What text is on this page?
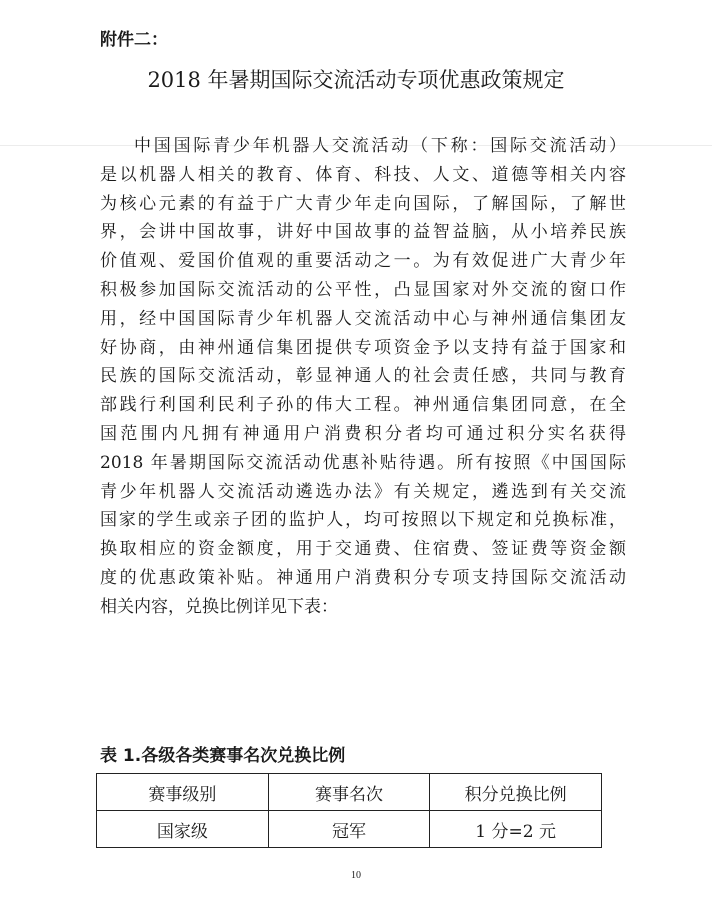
附件二：
2018 年暑期国际交流活动专项优惠政策规定
中国国际青少年机器人交流活动（下称：国际交流活动）
是以机器人相关的教育、体育、科技、人文、道德等相关内容
为核心元素的有益于广大青少年走向国际，了解国际，了解世
界，会讲中国故事，讲好中国故事的益智益脑，从小培养民族
价值观、爱国价值观的重要活动之一。为有效促进广大青少年
积极参加国际交流活动的公平性，凸显国家对外交流的窗口作
用，经中国国际青少年机器人交流活动中心与神州通信集团友
好协商，由神州通信集团提供专项资金予以支持有益于国家和
民族的国际交流活动，彰显神通人的社会责任感，共同与教育
部践行利国利民利子孙的伟大工程。神州通信集团同意，在全
国范围内凡拥有神通用户消费积分者均可通过积分实名获得
2018 年暑期国际交流活动优惠补贴待遇。所有按照《中国国际
青少年机器人交流活动遴选办法》有关规定，遴选到有关交流
国家的学生或亲子团的监护人，均可按照以下规定和兑换标准，
换取相应的资金额度，用于交通费、住宿费、签证费等资金额
度的优惠政策补贴。神通用户消费积分专项支持国际交流活动
相关内容，兑换比例详见下表：
表 1.各级各类赛事名次兑换比例
赛事级别	赛事名次	积分兑换比例
国家级	冠军	1 分=2 元
10
